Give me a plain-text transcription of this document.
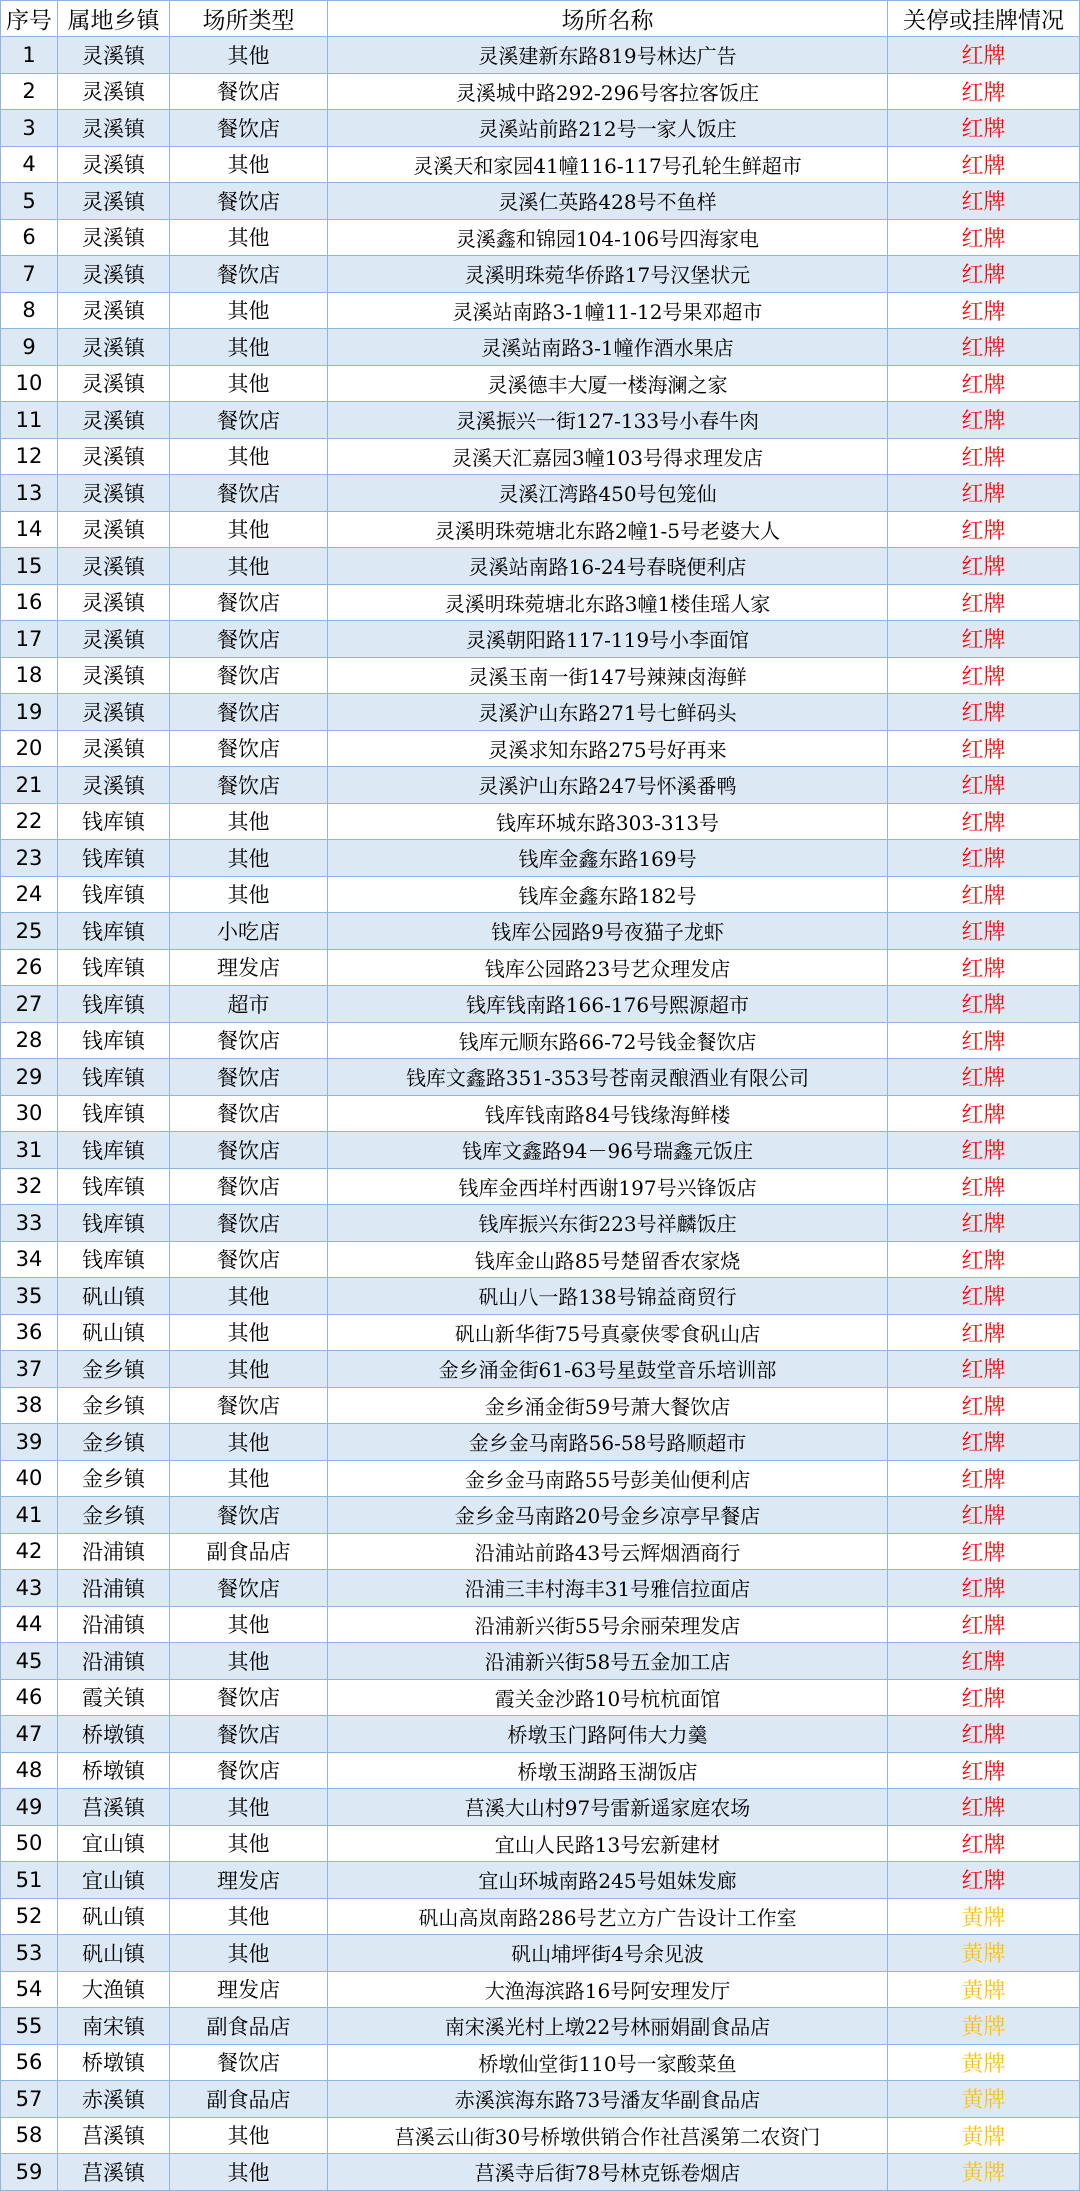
序号	属地乡镇	场所类型	场所名称	关停或挂牌情况
1	灵溪镇	其他	灵溪建新东路819号林达广告	红牌
2	灵溪镇	餐饮店	灵溪城中路292-296号客拉客饭庄	红牌
3	灵溪镇	餐饮店	灵溪站前路212号一家人饭庄	红牌
4	灵溪镇	其他	灵溪天和家园41幢116-117号孔轮生鲜超市	红牌
5	灵溪镇	餐饮店	灵溪仁英路428号不鱼样	红牌
6	灵溪镇	其他	灵溪鑫和锦园104-106号四海家电	红牌
7	灵溪镇	餐饮店	灵溪明珠菀华侨路17号汉堡状元	红牌
8	灵溪镇	其他	灵溪站南路3-1幢11-12号果邓超市	红牌
9	灵溪镇	其他	灵溪站南路3-1幢作酒水果店	红牌
10	灵溪镇	其他	灵溪德丰大厦一楼海澜之家	红牌
11	灵溪镇	餐饮店	灵溪振兴一街127-133号小春牛肉	红牌
12	灵溪镇	其他	灵溪天汇嘉园3幢103号得求理发店	红牌
13	灵溪镇	餐饮店	灵溪江湾路450号包笼仙	红牌
14	灵溪镇	其他	灵溪明珠菀塘北东路2幢1-5号老婆大人	红牌
15	灵溪镇	其他	灵溪站南路16-24号春晓便利店	红牌
16	灵溪镇	餐饮店	灵溪明珠菀塘北东路3幢1楼佳瑶人家	红牌
17	灵溪镇	餐饮店	灵溪朝阳路117-119号小李面馆	红牌
18	灵溪镇	餐饮店	灵溪玉南一街147号辣辣卤海鲜	红牌
19	灵溪镇	餐饮店	灵溪沪山东路271号七鲜码头	红牌
20	灵溪镇	餐饮店	灵溪求知东路275号好再来	红牌
21	灵溪镇	餐饮店	灵溪沪山东路247号怀溪番鸭	红牌
22	钱库镇	其他	钱库环城东路303-313号	红牌
23	钱库镇	其他	钱库金鑫东路169号	红牌
24	钱库镇	其他	钱库金鑫东路182号	红牌
25	钱库镇	小吃店	钱库公园路9号夜猫子龙虾	红牌
26	钱库镇	理发店	钱库公园路23号艺众理发店	红牌
27	钱库镇	超市	钱库钱南路166-176号熙源超市	红牌
28	钱库镇	餐饮店	钱库元顺东路66-72号钱金餐饮店	红牌
29	钱库镇	餐饮店	钱库文鑫路351-353号苍南灵酿酒业有限公司	红牌
30	钱库镇	餐饮店	钱库钱南路84号钱缘海鲜楼	红牌
31	钱库镇	餐饮店	钱库文鑫路94－96号瑞鑫元饭庄	红牌
32	钱库镇	餐饮店	钱库金西垟村西谢197号兴锋饭店	红牌
33	钱库镇	餐饮店	钱库振兴东街223号祥麟饭庄	红牌
34	钱库镇	餐饮店	钱库金山路85号楚留香农家烧	红牌
35	矾山镇	其他	矾山八一路138号锦益商贸行	红牌
36	矾山镇	其他	矾山新华街75号真豪侠零食矾山店	红牌
37	金乡镇	其他	金乡涌金街61-63号星鼓堂音乐培训部	红牌
38	金乡镇	餐饮店	金乡涌金街59号萧大餐饮店	红牌
39	金乡镇	其他	金乡金马南路56-58号路顺超市	红牌
40	金乡镇	其他	金乡金马南路55号彭美仙便利店	红牌
41	金乡镇	餐饮店	金乡金马南路20号金乡凉亭早餐店	红牌
42	沿浦镇	副食品店	沿浦站前路43号云辉烟酒商行	红牌
43	沿浦镇	餐饮店	沿浦三丰村海丰31号雅信拉面店	红牌
44	沿浦镇	其他	沿浦新兴街55号余丽荣理发店	红牌
45	沿浦镇	其他	沿浦新兴街58号五金加工店	红牌
46	霞关镇	餐饮店	霞关金沙路10号杭杭面馆	红牌
47	桥墩镇	餐饮店	桥墩玉门路阿伟大力羹	红牌
48	桥墩镇	餐饮店	桥墩玉湖路玉湖饭店	红牌
49	莒溪镇	其他	莒溪大山村97号雷新遥家庭农场	红牌
50	宜山镇	其他	宜山人民路13号宏新建材	红牌
51	宜山镇	理发店	宜山环城南路245号姐妹发廊	红牌
52	矾山镇	其他	矾山高岚南路286号艺立方广告设计工作室	黄牌
53	矾山镇	其他	矾山埔坪街4号余见波	黄牌
54	大渔镇	理发店	大渔海滨路16号阿安理发厅	黄牌
55	南宋镇	副食品店	南宋溪光村上墩22号林丽娟副食品店	黄牌
56	桥墩镇	餐饮店	桥墩仙堂街110号一家酸菜鱼	黄牌
57	赤溪镇	副食品店	赤溪滨海东路73号潘友华副食品店	黄牌
58	莒溪镇	其他	莒溪云山街30号桥墩供销合作社莒溪第二农资门	黄牌
59	莒溪镇	其他	莒溪寺后街78号林克铄卷烟店	黄牌
